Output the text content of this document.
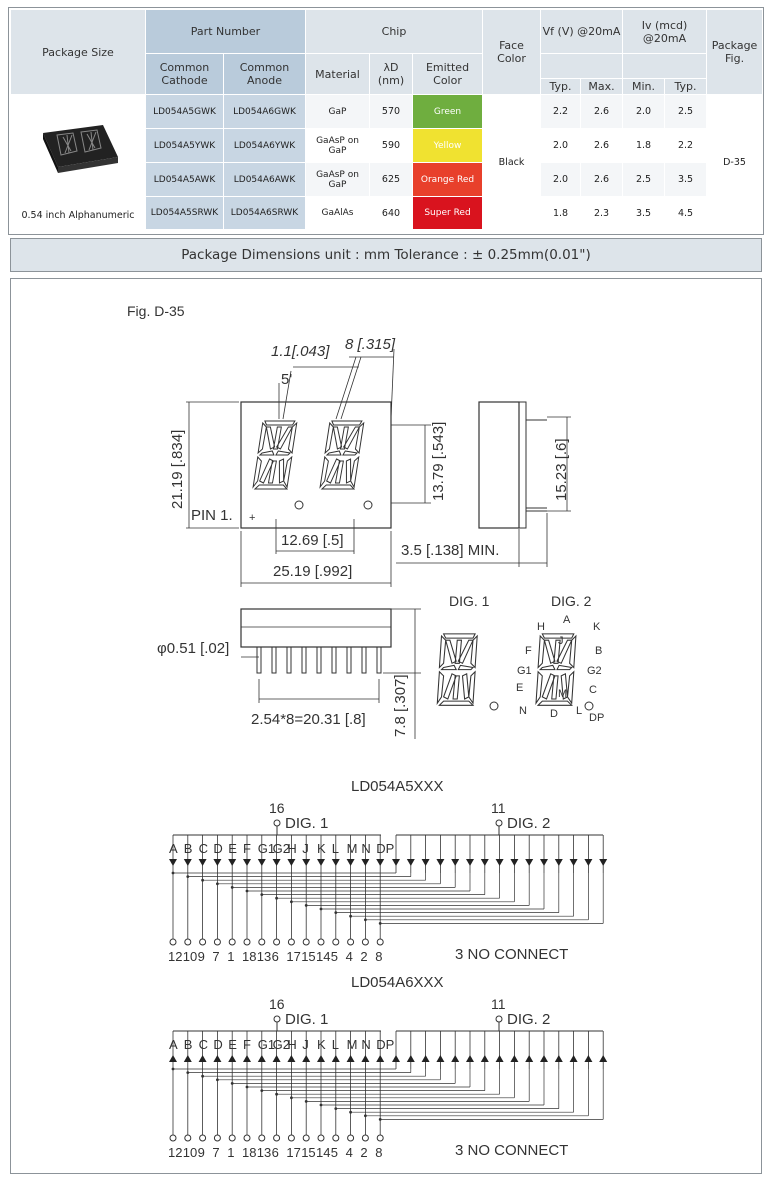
Package Size	Part Number		Chip			Face Color	Vf (V) @20mA		Iv (mcd) @20mA		Package Fig.
	Common Cathode	Common Anode	Material	λD (nm)	Emitted Color						
							Typ.	Max.	Min.	Typ.	

0.54 inch Alphanumeric	LD054A5GWK	LD054A6GWK	GaP	570	Green	Black	2.2	2.6	2.0	2.5	D-35
	LD054A5YWK	LD054A6YWK	GaAsP on GaP	590	Yellow		2.0	2.6	1.8	2.2	
	LD054A5AWK	LD054A6AWK	GaAsP on GaP	625	Orange Red		2.0	2.6	2.5	3.5	
	LD054A5SRWK	LD054A6SRWK	GaAlAs	640	Super Red		1.8	2.3	3.5	4.5	
Package Dimensions unit : mm Tolerance : ± 0.25mm(0.01")
Fig. D-35
+
PIN 1.
21.19 [.834]	13.79 [.543]
12.69 [.5]
25.19 [.992]
5'
1.1[.043] 8 [.315]
15.23 [.6]
3.5 [.138] MIN.
φ0.51 [.02]
2.54*8=20.31 [.8] 7.8 [.307]
DIG. 1	DIG. 2
A
H	K
J
F	B
G1	G2
E	M C
N D L
DP
LD054A5XXX
16	11
DIG. 1	DIG. 2
A B C D E F G1
G2
H J K L M N DP
12 10 9 7 1 18 13 6 17 15 14 5 4 2 8	3 NO CONNECT
LD054A6XXX
16	11
DIG. 1	DIG. 2
A B C D E F G1
G2
H J K L M N DP
12 10 9 7 1 18 13 6 17 15 14 5 4 2 8	3 NO CONNECT
